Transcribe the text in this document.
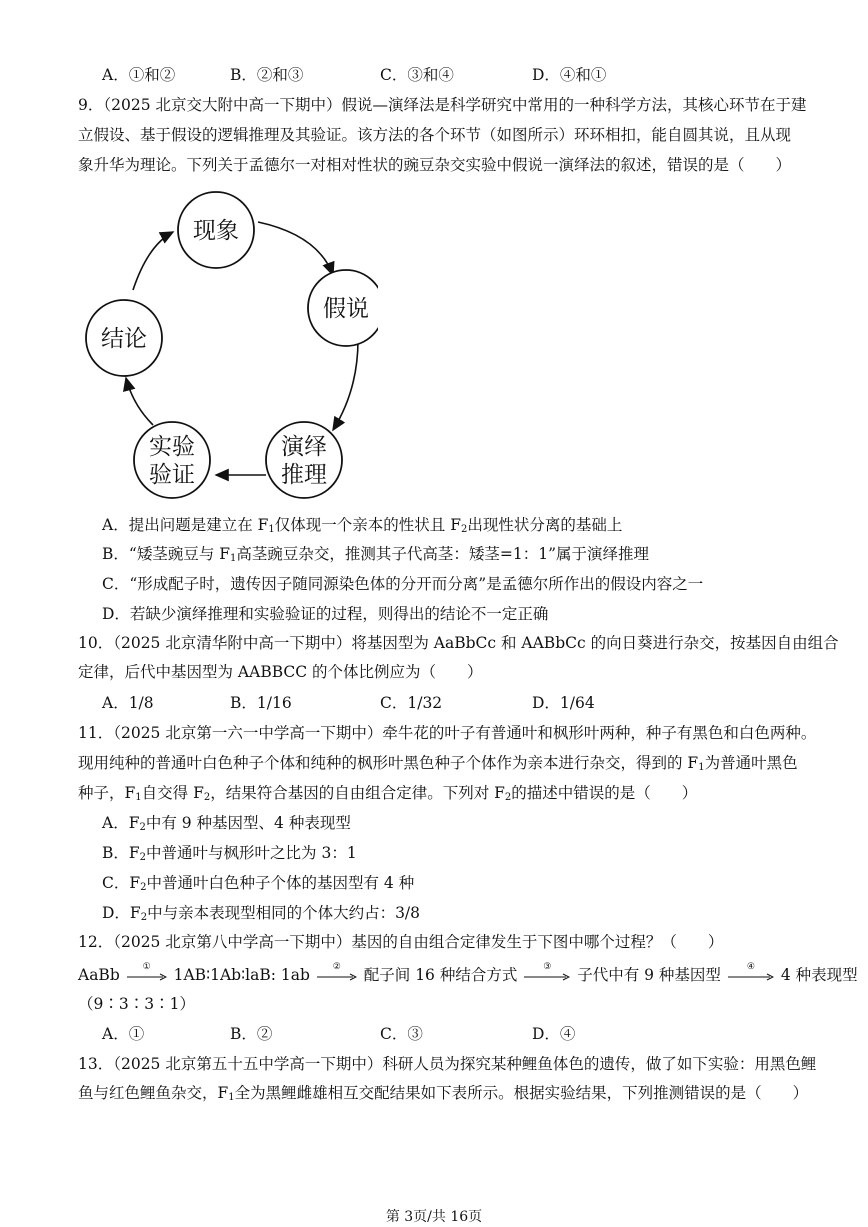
A．①和②	B．②和③	C．③和④	D．④和①
9．（2025 北京交大附中高一下期中）假说—演绎法是科学研究中常用的一种科学方法，其核心环节在于建
立假设、基于假设的逻辑推理及其验证。该方法的各个环节（如图所示）环环相扣，能自圆其说，且从现
象升华为理论。下列关于孟德尔一对相对性状的豌豆杂交实验中假说一演绎法的叙述，错误的是（　　）
现象
假说
演绎
推理
实验
验证
结论
A．提出问题是建立在 $F_1$仅体现一个亲本的性状且 $F_2$出现性状分离的基础上
B．“矮茎豌豆与 $F_1$高茎豌豆杂交，推测其子代高茎：矮茎=1：1”属于演绎推理
C．“形成配子时，遗传因子随同源染色体的分开而分离”是孟德尔所作出的假设内容之一
D．若缺少演绎推理和实验验证的过程，则得出的结论不一定正确
10．（2025 北京清华附中高一下期中）将基因型为 AaBbCc 和 AABbCc 的向日葵进行杂交，按基因自由组合
定律，后代中基因型为 AABBCC 的个体比例应为（　　）
A．1/8	B．1/16	C．1/32	D．1/64
11．（2025 北京第一六一中学高一下期中）牵牛花的叶子有普通叶和枫形叶两种，种子有黑色和白色两种。
现用纯种的普通叶白色种子个体和纯种的枫形叶黑色种子个体作为亲本进行杂交，得到的 $F_1$为普通叶黑色
种子，$F_1$自交得 $F_2$，结果符合基因的自由组合定律。下列对 $F_2$的描述中错误的是（　　）
A．$F_2$中有 9 种基因型、4 种表现型
B．$F_2$中普通叶与枫形叶之比为 3：1
C．$F_2$中普通叶白色种子个体的基因型有 4 种
D．$F_2$中与亲本表现型相同的个体大约占：3/8
12．（2025 北京第八中学高一下期中）基因的自由组合定律发生于下图中哪个过程？（　　）
AaBb	①	1AB∶1Ab∶laB: 1ab	②	配子间 16 种结合方式	③	子代中有 9 种基因型	④	4 种表现型
（9∶3∶3∶1）
A．①	B．②	C．③	D．④
13．（2025 北京第五十五中学高一下期中）科研人员为探究某种鲤鱼体色的遗传，做了如下实验：用黑色鲤
鱼与红色鲤鱼杂交，$F_1$全为黑鲤雌雄相互交配结果如下表所示。根据实验结果，下列推测错误的是（　　）
第 3页/共 16页
